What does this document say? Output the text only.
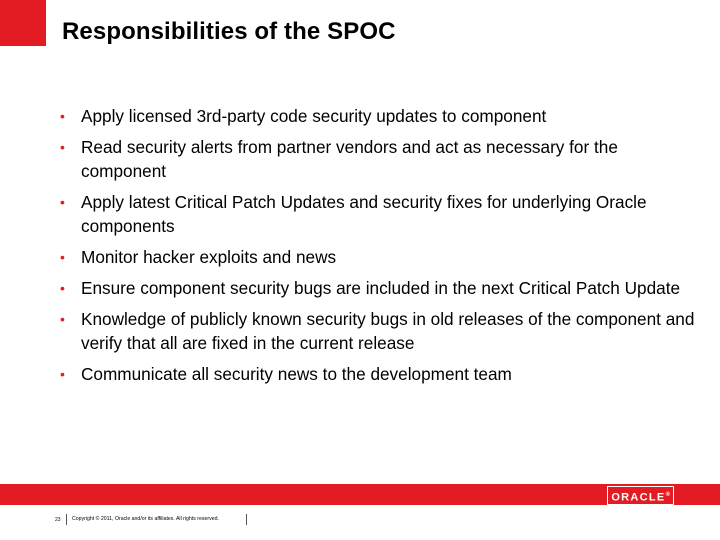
Responsibilities of the SPOC
• Apply licensed 3rd-party code security updates to component
• Read security alerts from partner vendors and act as necessary for the component
• Apply latest Critical Patch Updates and security fixes for underlying Oracle components
• Monitor hacker exploits and news
• Ensure component security bugs are included in the next Critical Patch Update
• Knowledge of publicly known security bugs in old releases of the component and verify that all are fixed in the current release
• Communicate all security news to the development team
ORACLE®
23 Copyright © 2011, Oracle and/or its affiliates. All rights reserved.
